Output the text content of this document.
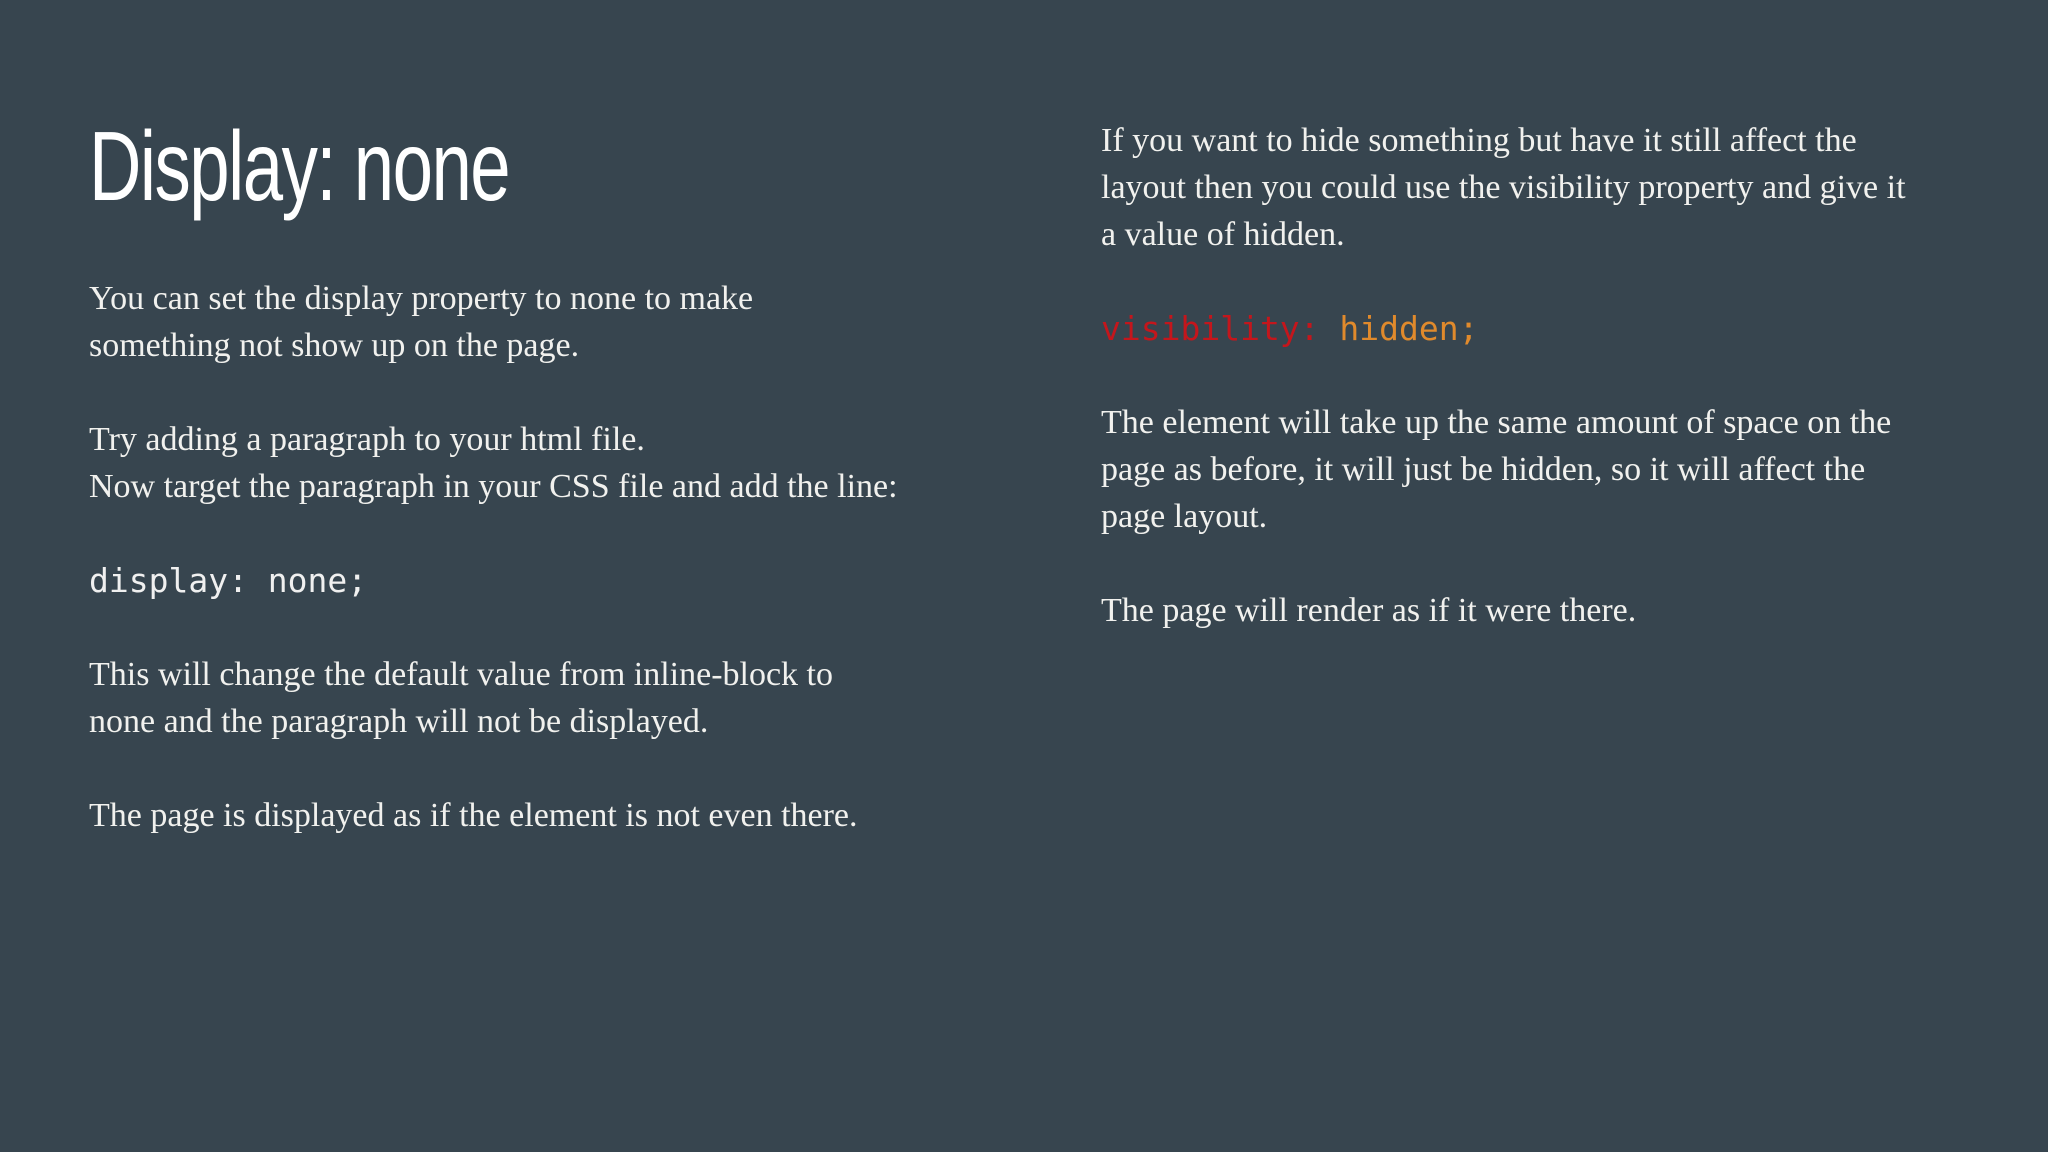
Display: none

You can set the display property to none to make
something not show up on the page.

Try adding a paragraph to your html file.
Now target the paragraph in your CSS file and add the line:

display: none;

This will change the default value from inline-block to
none and the paragraph will not be displayed.

The page is displayed as if the element is not even there.

If you want to hide something but have it still affect the
layout then you could use the visibility property and give it
a value of hidden.

visibility: hidden;

The element will take up the same amount of space on the
page as before, it will just be hidden, so it will affect the
page layout.

The page will render as if it were there.
